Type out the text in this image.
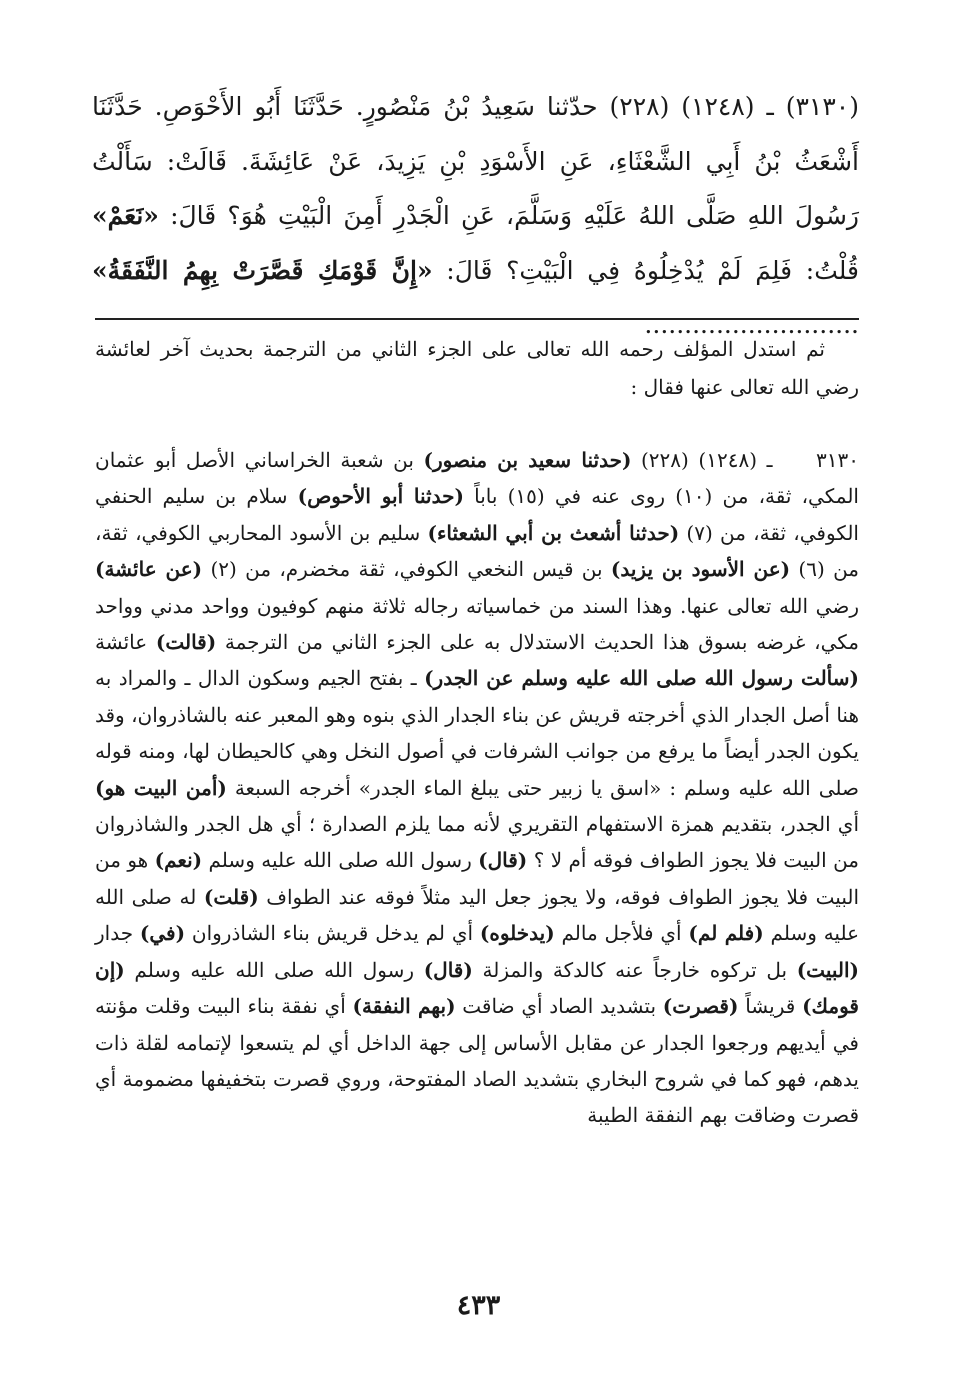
(٣١٣٠) ـ (١٢٤٨) (٢٢٨) حدّثنا سَعِيدُ بْنُ مَنْصُورٍ. حَدَّثَنَا أَبُو الأَحْوَصِ. حَدَّثَنَا أَشْعَثُ بْنُ أَبِي الشَّعْثَاءِ، عَنِ الأَسْوَدِ بْنِ يَزِيدَ، عَنْ عَائِشَةَ. قَالَتْ: سَأَلْتُ رَسُولَ اللهِ صَلَّى اللهُ عَلَيْهِ وَسَلَّمَ، عَنِ الْجَدْرِ أَمِنَ الْبَيْتِ هُوَ؟ قَالَ: «نَعَمْ» قُلْتُ: فَلِمَ لَمْ يُدْخِلُوهُ فِي الْبَيْتِ؟ قَالَ: «إِنَّ قَوْمَكِ قَصَّرَتْ بِهِمُ النَّفَقَةُ» ...........................

ثم استدل المؤلف رحمه الله تعالى على الجزء الثاني من الترجمة بحديث آخر لعائشة رضي الله تعالى عنها فقال :

٣١٣٠ ـ (١٢٤٨) (٢٢٨) (حدثنا سعيد بن منصور) بن شعبة الخراساني الأصل أبو عثمان المكي، ثقة، من (١٠) روى عنه في (١٥) باباً (حدثنا أبو الأحوص) سلام بن سليم الحنفي الكوفي، ثقة، من (٧) (حدثنا أشعث بن أبي الشعثاء) سليم بن الأسود المحاربي الكوفي، ثقة، من (٦) (عن الأسود بن يزيد) بن قيس النخعي الكوفي، ثقة مخضرم، من (٢) (عن عائشة) رضي الله تعالى عنها. وهذا السند من خماسياته رجاله ثلاثة منهم كوفيون وواحد مدني وواحد مكي، غرضه بسوق هذا الحديث الاستدلال به على الجزء الثاني من الترجمة (قالت) عائشة (سألت رسول الله صلى الله عليه وسلم عن الجدر) ـ بفتح الجيم وسكون الدال ـ والمراد به هنا أصل الجدار الذي أخرجته قريش عن بناء الجدار الذي بنوه وهو المعبر عنه بالشاذروان، وقد يكون الجدر أيضاً ما يرفع من جوانب الشرفات في أصول النخل وهي كالحيطان لها، ومنه قوله صلى الله عليه وسلم : «اسق يا زبير حتى يبلغ الماء الجدر» أخرجه السبعة (أمن البيت هو) أي الجدر، بتقديم همزة الاستفهام التقريري لأنه مما يلزم الصدارة ؛ أي هل الجدر والشاذروان من البيت فلا يجوز الطواف فوقه أم لا ؟ (قال) رسول الله صلى الله عليه وسلم (نعم) هو من البيت فلا يجوز الطواف فوقه، ولا يجوز جعل اليد مثلاً فوقه عند الطواف (قلت) له صلى الله عليه وسلم (فلم لم) أي فلأجل مالم (يدخلوه) أي لم يدخل قريش بناء الشاذروان (في) جدار (البيت) بل تركوه خارجاً عنه كالدكة والمزلة (قال) رسول الله صلى الله عليه وسلم (إن قومك) قريشاً (قصرت) بتشديد الصاد أي ضاقت (بهم النفقة) أي نفقة بناء البيت وقلت مؤنته في أيديهم ورجعوا الجدار عن مقابل الأساس إلى جهة الداخل أي لم يتسعوا لإتمامه لقلة ذات يدهم، فهو كما في شروح البخاري بتشديد الصاد المفتوحة، وروي قصرت بتخفيفها مضمومة أي قصرت وضاقت بهم النفقة الطيبة

٤٣٣
